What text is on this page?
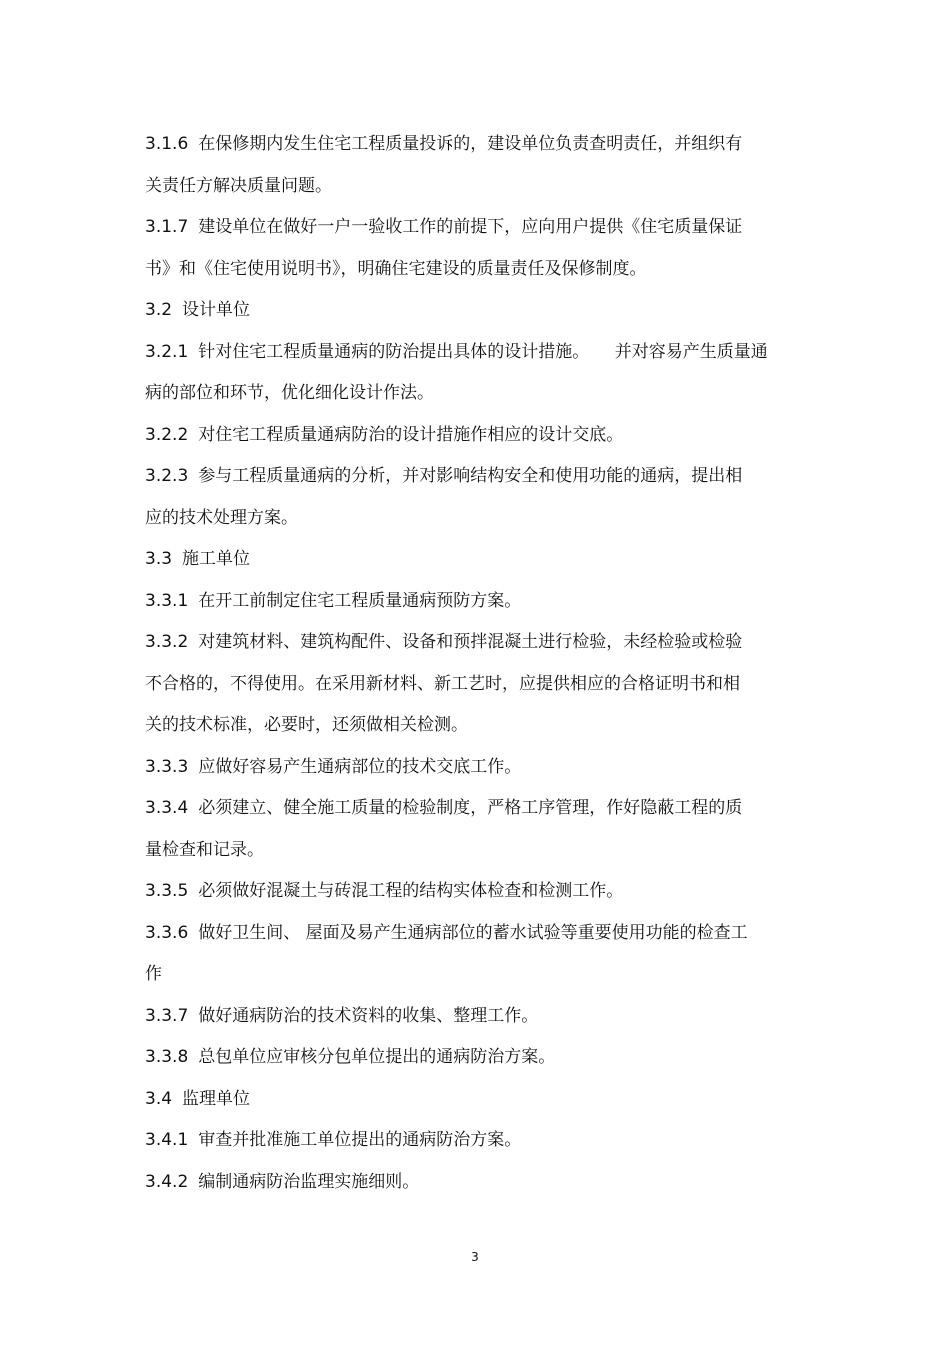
3.1.6 在保修期内发生住宅工程质量投诉的，建设单位负责查明责任，并组织有
关责任方解决质量问题。
3.1.7 建设单位在做好一户一验收工作的前提下，应向用户提供《住宅质量保证
书》和《住宅使用说明书》，明确住宅建设的质量责任及保修制度。
3.2 设计单位
3.2.1 针对住宅工程质量通病的防治提出具体的设计措施。　　并对容易产生质量通
病的部位和环节，优化细化设计作法。
3.2.2 对住宅工程质量通病防治的设计措施作相应的设计交底。
3.2.3 参与工程质量通病的分析，并对影响结构安全和使用功能的通病，提出相
应的技术处理方案。
3.3 施工单位
3.3.1 在开工前制定住宅工程质量通病预防方案。
3.3.2 对建筑材料、建筑构配件、设备和预拌混凝土进行检验，未经检验或检验
不合格的，不得使用。在采用新材料、新工艺时，应提供相应的合格证明书和相
关的技术标准，必要时，还须做相关检测。
3.3.3 应做好容易产生通病部位的技术交底工作。
3.3.4 必须建立、健全施工质量的检验制度，严格工序管理，作好隐蔽工程的质
量检查和记录。
3.3.5 必须做好混凝土与砖混工程的结构实体检查和检测工作。
3.3.6 做好卫生间、 屋面及易产生通病部位的蓄水试验等重要使用功能的检查工
作
3.3.7 做好通病防治的技术资料的收集、整理工作。
3.3.8 总包单位应审核分包单位提出的通病防治方案。
3.4 监理单位
3.4.1 审查并批准施工单位提出的通病防治方案。
3.4.2 编制通病防治监理实施细则。
3
